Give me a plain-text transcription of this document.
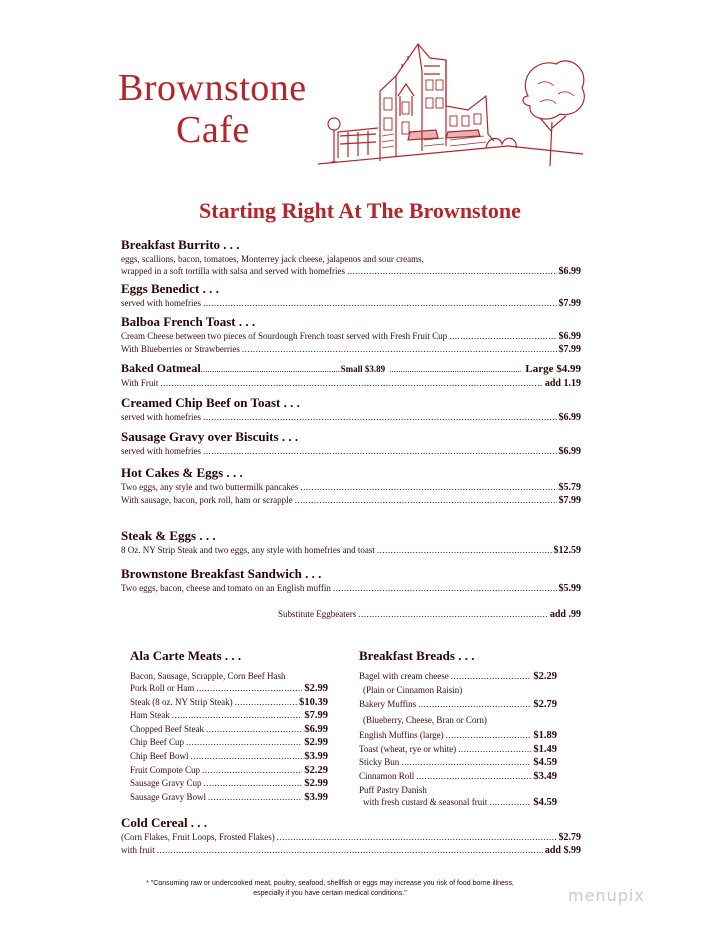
Brownstone
Cafe
Starting Right At The Brownstone
Breakfast Burrito . . .
eggs, scallions, bacon, tomatoes, Monterrey jack cheese, jalapenos and sour creams,
wrapped in a soft tortilla with salsa and served with homefries .....	$6.99
Eggs Benedict . . .
served with homefries .....	$7.99
Balboa French Toast . . .
Cream Cheese between two pieces of Sourdough French toast served with Fresh Fruit Cup .....	$6.99
With Blueberries or Strawberries .....	$7.99
Baked Oatmeal .....	Small $3.89 .....	Large $4.99
With Fruit .....	add 1.19
Creamed Chip Beef on Toast . . .
served with homefries .....	$6.99
Sausage Gravy over Biscuits . . .
served with homefries .....	$6.99
Hot Cakes & Eggs . . .
Two eggs, any style and two buttermilk pancakes .....	$5.79
With sausage, bacon, pork roll, ham or scrapple .....	$7.99
Steak & Eggs . . .
8 Oz. NY Strip Steak and two eggs, any style with homefries and toast .....	$12.59
Brownstone Breakfast Sandwich . . .
Two eggs, bacon, cheese and tomato on an English muffin .....	$5.99
Substitute Eggbeaters .....	add .99
Ala Carte Meats . . .
Bacon, Sausage, Scrapple, Corn Beef Hash
Pork Roll or Ham .....	$2.99
Steak (8 oz. NY Strip Steak) .....	$10.39
Ham Steak .....	$7.99
Chopped Beef Steak .....	$6.99
Chip Beef Cup .....	$2.99
Chip Beef Bowl .....	$3.99
Fruit Compote Cup .....	$2.29
Sausage Gravy Cup .....	$2.99
Sausage Gravy Bowl .....	$3.99
Breakfast Breads . . .
Bagel with cream cheese .....	$2.29
(Plain or Cinnamon Raisin)
Bakery Muffins .....	$2.79
(Blueberry, Cheese, Bran or Corn)
English Muffins (large) .....	$1.89
Toast (wheat, rye or white) .....	$1.49
Sticky Bun .....	$4.59
Cinnamon Roll .....	$3.49
Puff Pastry Danish
with fresh custard & seasonal fruit .....	$4.59
Cold Cereal . . .
(Corn Flakes, Fruit Loops, Frosted Flakes) .....	$2.79
with fruit .....	add $.99
* "Consuming raw or undercooked meat, poultry, seafood, shellfish or eggs may increase you risk of food borne illness,
especially if you have certain medical conditions."	menupix
